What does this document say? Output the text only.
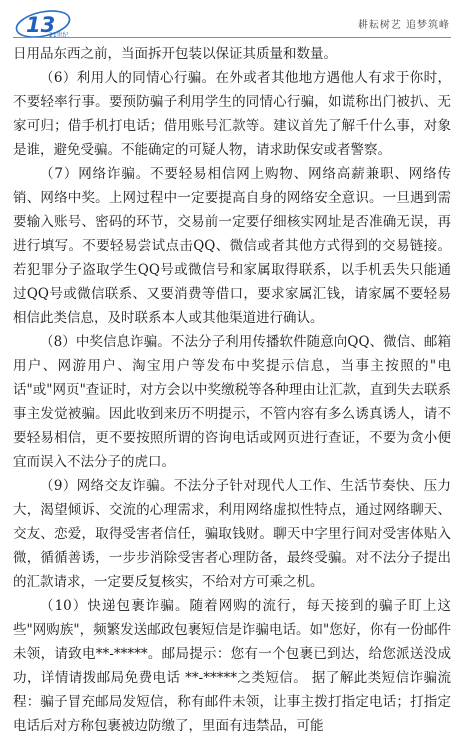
13
21世纪
耕耘树艺 追梦筑峰

日用品东西之前，当面拆开包装以保证其质量和数量。

（6）利用人的同情心行骗。在外或者其他地方遇他人有求于你时，不要轻率行事。要预防骗子利用学生的同情心行骗，如谎称出门被扒、无家可归；借手机打电话；借用账号汇款等。建议首先了解千什么事，对象是谁，避免受骗。不能确定的可疑人物，请求助保安或者警察。

（7）网络诈骗。不要轻易相信网上购物、网络高薪兼职、网络传销、网络中奖。上网过程中一定要提高自身的网络安全意识。一旦遇到需要输入账号、密码的环节，交易前一定要仔细核实网址是否准确无误，再进行填写。不要轻易尝试点击QQ、微信或者其他方式得到的交易链接。若犯罪分子盗取学生QQ号或微信号和家属取得联系，以手机丢失只能通过QQ号或微信联系、又要消费等借口，要求家属汇钱，请家属不要轻易相信此类信息，及时联系本人或其他渠道进行确认。

（8）中奖信息诈骗。不法分子利用传播软件随意向QQ、微信、邮箱用户、网游用户、淘宝用户等发布中奖提示信息，当事主按照的"电话"或"网页"查证时，对方会以中奖缴税等各种理由让汇款，直到失去联系事主发觉被骗。因此收到来历不明提示，不管内容有多么诱真诱人，请不要轻易相信，更不要按照所谓的咨询电话或网页进行查证，不要为贪小便宜而误入不法分子的虎口。

（9）网络交友诈骗。不法分子针对现代人工作、生活节奏快、压力大，渴望倾诉、交流的心理需求，利用网络虚拟性特点，通过网络聊天、交友、恋爱，取得受害者信任，骗取钱财。聊天中字里行间对受害体贴入微，循循善诱，一步步消除受害者心理防备，最终受骗。对不法分子提出的汇款请求，一定要反复核实，不给对方可乘之机。

（10）快递包裹诈骗。随着网购的流行，每天接到的骗子盯上这些"网购族"，频繁发送邮政包裹短信是诈骗电话。如"您好，你有一份邮件未领，请致电**-*****。邮局提示：您有一个包裹已到达，给您派送没成功，详情请拨邮局免费电话 **-*****之类短信。 据了解此类短信诈骗流程：骗子冒充邮局发短信，称有邮件未领，让事主拨打指定电话；打指定电话后对方称包裹被边防缴了，里面有违禁品，可能
